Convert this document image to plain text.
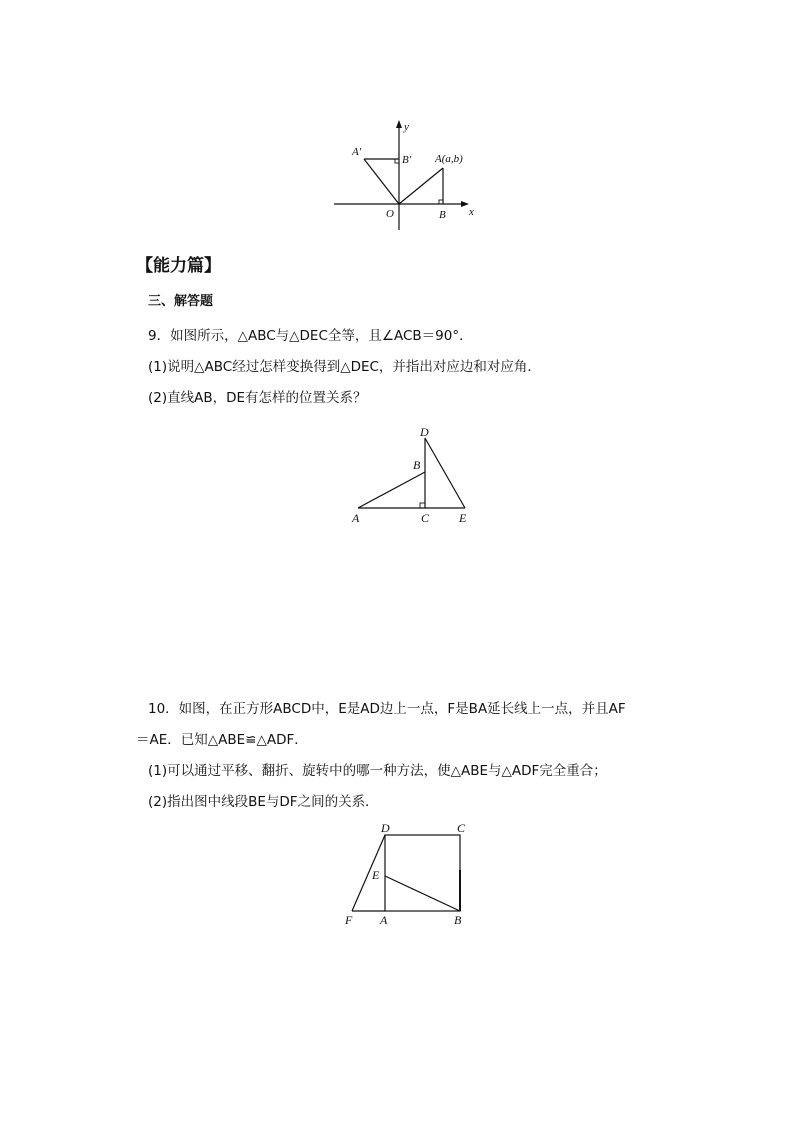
y
x
A′
B′ A(a,b)
O	B
【能力篇】
三、解答题

9．如图所示，△ABC与△DEC全等，且∠ACB＝90°．

(1)说明△ABC经过怎样变换得到△DEC，并指出对应边和对应角．

(2)直线AB，DE有怎样的位置关系？

D
B
A	C E

10．如图，在正方形ABCD中，E是AD边上一点，F是BA延长线上一点，并且AF

＝AE．已知△ABE≌△ADF．

(1)可以通过平移、翻折、旋转中的哪一种方法，使△ABE与△ADF完全重合；

(2)指出图中线段BE与DF之间的关系．

D	C
E
F A	B
